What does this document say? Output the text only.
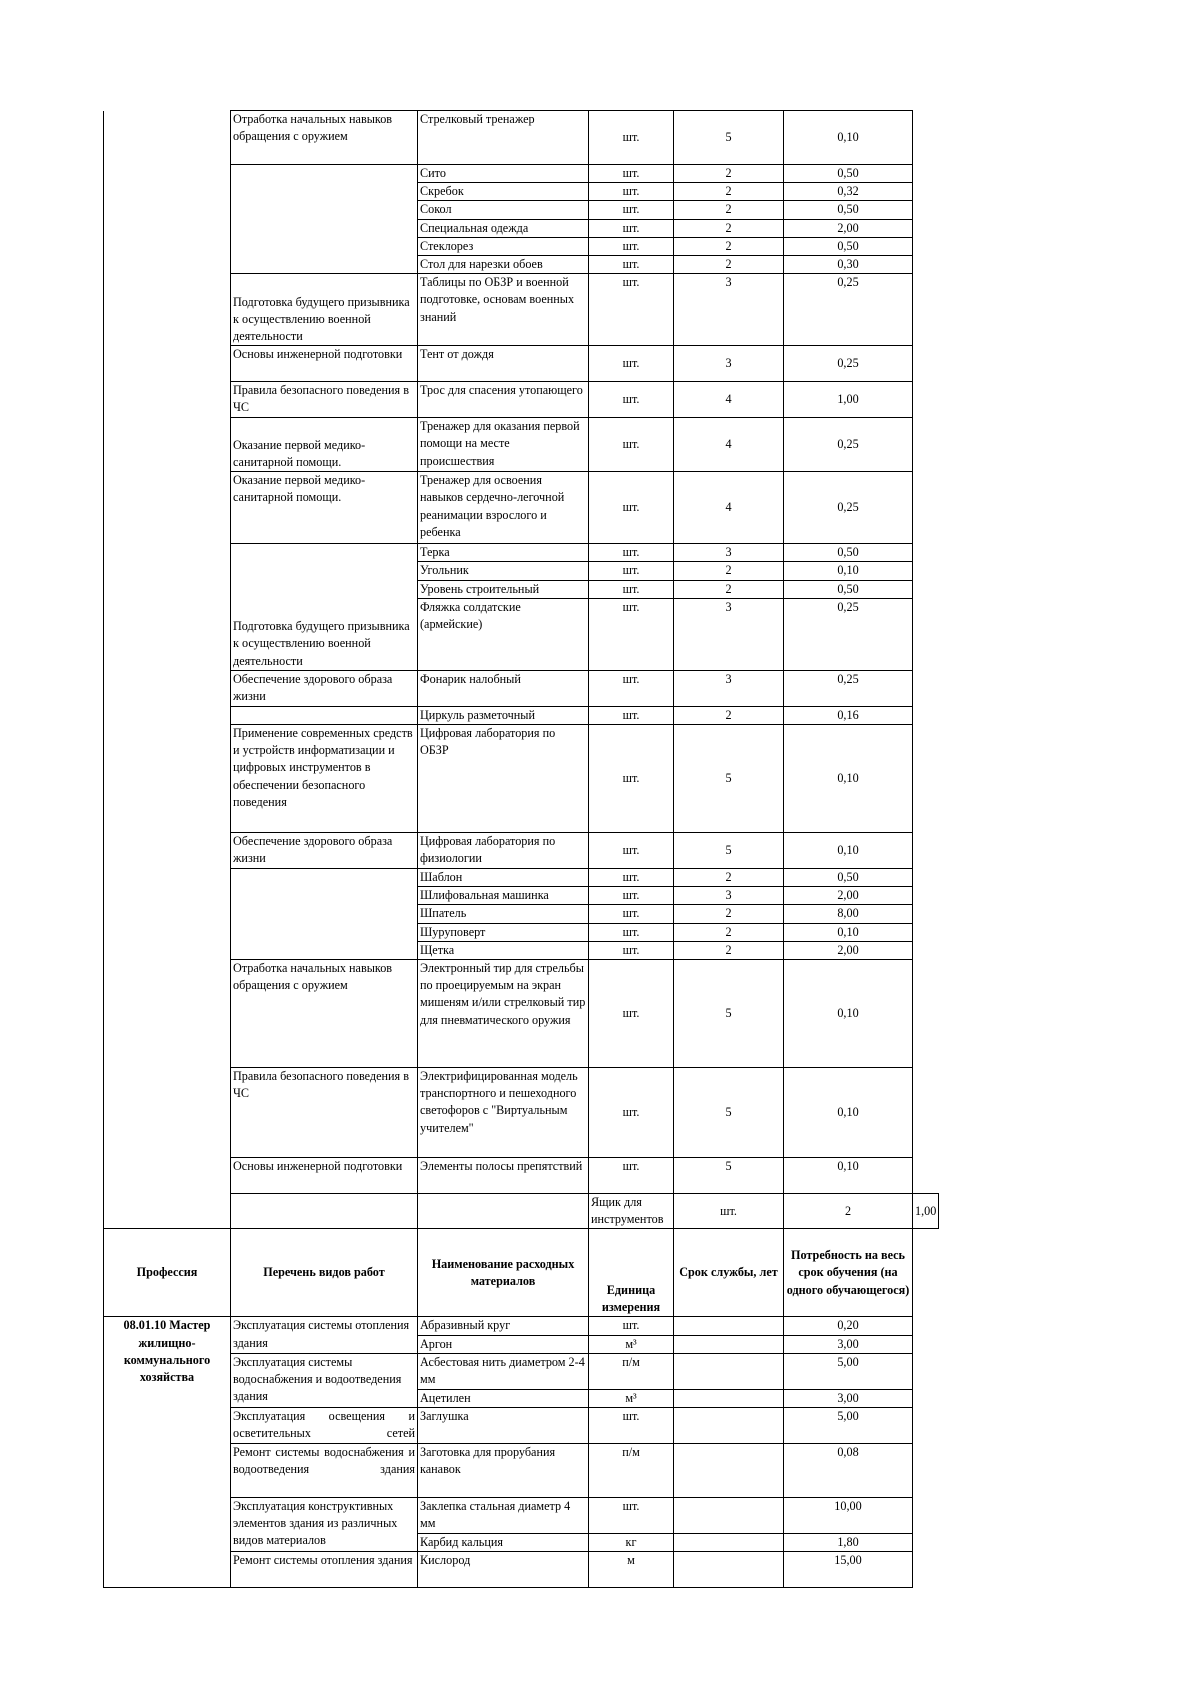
	Отработка начальных навыков обращения с оружием	Стрелковый тренажер	шт.	5	0,10	
		Сито	шт.	2	0,50	
		Скребок	шт.	2	0,32	
		Сокол	шт.	2	0,50	
		Специальная одежда	шт.	2	2,00	
		Стеклорез	шт.	2	0,50	
		Стол для нарезки обоев	шт.	2	0,30	
	Подготовка будущего призывника к осуществлению военной деятельности	Таблицы по ОБЗР и военной подготовке, основам военных знаний	шт.	3	0,25	
	Основы инженерной подготовки	Тент от дождя	шт.	3	0,25	
	Правила безопасного поведения в ЧС	Трос для спасения утопающего	шт.	4	1,00	
	Оказание первой медико-санитарной помощи.	Тренажер для оказания первой помощи на месте происшествия	шт.	4	0,25	
	Оказание первой медико-санитарной помощи.	Тренажер для освоения навыков сердечно-легочной реанимации взрослого и ребенка	шт.	4	0,25	
	Подготовка будущего призывника к осуществлению военной деятельности	Терка	шт.	3	0,50	
		Угольник	шт.	2	0,10	
		Уровень строительный	шт.	2	0,50	
		Фляжка солдатские (армейские)	шт.	3	0,25	
	Обеспечение здорового образа жизни	Фонарик налобный	шт.	3	0,25	
		Циркуль разметочный	шт.	2	0,16	
	Применение современных средств и устройств информатизации и цифровых инструментов в обеспечении безопасного поведения	Цифровая лаборатория по ОБЗР	шт.	5	0,10	
	Обеспечение здорового образа жизни	Цифровая лаборатория по физиологии	шт.	5	0,10	
		Шаблон	шт.	2	0,50	
		Шлифовальная машинка	шт.	3	2,00	
		Шпатель	шт.	2	8,00	
		Шуруповерт	шт.	2	0,10	
		Щетка	шт.	2	2,00	
	Отработка начальных навыков обращения с оружием	Электронный тир для стрельбы по проецируемым на экран мишеням и/или стрелковый тир для пневматического оружия	шт.	5	0,10	
	Правила безопасного поведения в ЧС	Электрифицированная модель транспортного и пешеходного светофоров с "Виртуальным учителем"	шт.	5	0,10	
	Основы инженерной подготовки	Элементы полосы препятствий	шт.	5	0,10	
			Ящик для инструментов	шт.	2	1,00
Профессия	Перечень видов работ	Наименование расходных материалов	Единица измерения	Срок службы, лет	Потребность на весь срок обучения (на одного обучающегося)	
08.01.10 Мастер жилищно-коммунального хозяйства	Эксплуатация системы отопления здания	Абразивный круг	шт.		0,20	
		Аргон	м³		3,00	
	Эксплуатация системы водоснабжения и водоотведения здания	Асбестовая нить диаметром 2-4 мм	п/м		5,00	
		Ацетилен	м³		3,00	
	Эксплуатация освещения и осветительных сетей	Заглушка	шт.		5,00	
	Ремонт системы водоснабжения и водоотведения здания	Заготовка для прорубания канавок	п/м		0,08	
	Эксплуатация конструктивных элементов здания из различных видов материалов	Заклепка стальная диаметр 4 мм	шт.		10,00	
		Карбид кальция	кг		1,80	
	Ремонт системы отопления здания	Кислород	м		15,00	
